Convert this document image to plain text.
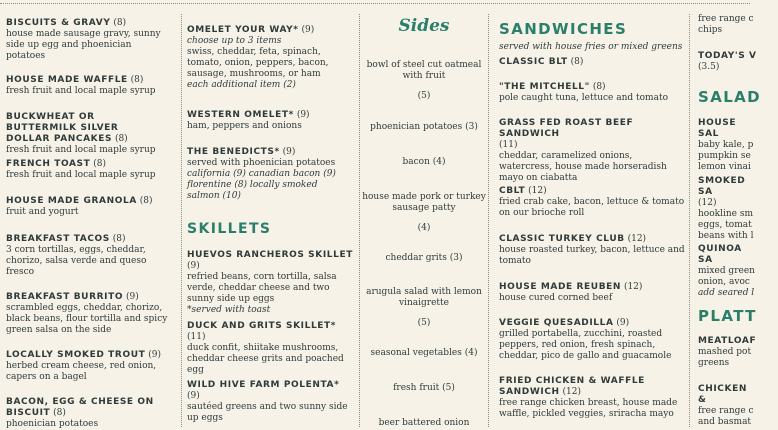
BISCUITS & GRAVY (8)
house made sausage gravy, sunny side up egg and phoenician potatoes
HOUSE MADE WAFFLE (8)
fresh fruit and local maple syrup
BUCKWHEAT OR BUTTERMILK SILVER DOLLAR PANCAKES (8)
fresh fruit and local maple syrup
FRENCH TOAST (8)
fresh fruit and local maple syrup
HOUSE MADE GRANOLA (8)
fruit and yogurt
BREAKFAST TACOS (8)
3 corn tortillas, eggs, cheddar, chorizo, salsa verde and queso fresco
BREAKFAST BURRITO (9)
scrambled eggs, cheddar, chorizo, black beans, flour tortilla and spicy green salsa on the side
LOCALLY SMOKED TROUT (9)
herbed cream cheese, red onion, capers on a bagel
BACON, EGG & CHEESE ON BISCUIT (8)
phoenician potatoes
OMELET YOUR WAY* (9)
choose up to 3 items
swiss, cheddar, feta, spinach, tomato, onion, peppers, bacon, sausage, mushrooms, or ham
each additional item (2)
WESTERN OMELET* (9)
ham, peppers and onions
THE BENEDICTS* (9)
served with phoenician potatoes
california (9) canadian bacon (9) florentine (8) locally smoked salmon (10)
SKILLETS
HUEVOS RANCHEROS SKILLET (9)
refried beans, corn tortilla, salsa verde, cheddar cheese and two sunny side up eggs
*served with toast
DUCK AND GRITS SKILLET* (11)
duck confit, shiitake mushrooms, cheddar cheese grits and poached egg
WILD HIVE FARM POLENTA* (9)
sautéed greens and two sunny side up eggs
Sides
bowl of steel cut oatmeal with fruit
(5)
phoenician potatoes (3)
bacon (4)
house made pork or turkey sausage patty
(4)
cheddar grits (3)
arugula salad with lemon vinaigrette
(5)
seasonal vegetables (4)
fresh fruit (5)
beer battered onion
SANDWICHES
served with house fries or mixed greens
CLASSIC BLT (8)
"THE MITCHELL" (8)
pole caught tuna, lettuce and tomato
GRASS FED ROAST BEEF SANDWICH
(11)
cheddar, caramelized onions, watercress, house made horseradish mayo on ciabatta
CBLT (12)
fried crab cake, bacon, lettuce & tomato on our brioche roll
CLASSIC TURKEY CLUB (12)
house roasted turkey, bacon, lettuce and tomato
HOUSE MADE REUBEN (12)
house cured corned beef
VEGGIE QUESADILLA (9)
grilled portabella, zucchini, roasted peppers, red onion, fresh spinach, cheddar, pico de gallo and guacamole
FRIED CHICKEN & WAFFLE SANDWICH (12)
free range chicken breast, house made waffle, pickled veggies, sriracha mayo
free range c chips
TODAY'S V
(3.5)
SALAD
HOUSE SAL
baby kale, p pumpkin se lemon vinai
SMOKED SA
(12) hookline sm eggs, tomat beans with l
QUINOA SA
mixed green onion, avoc
add seared l
PLATT
MEATLOAF
mashed pot greens
CHICKEN &
free range c and basmat
